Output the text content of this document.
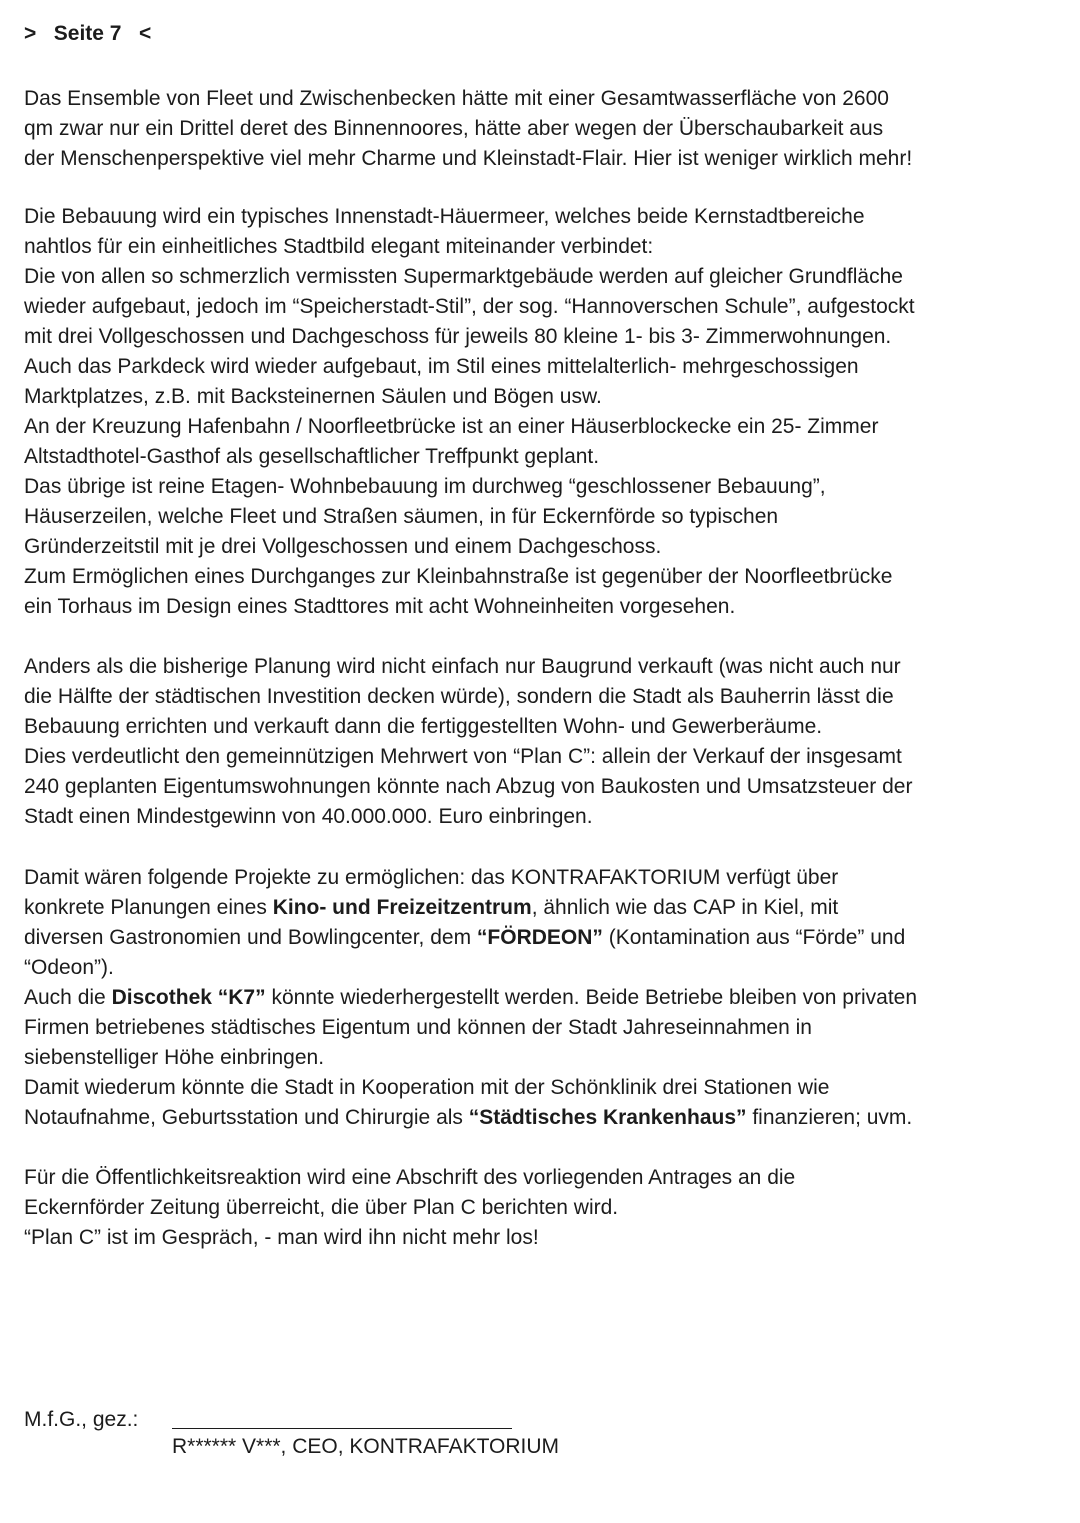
>   Seite 7   <
Das Ensemble von Fleet und Zwischenbecken hätte mit einer Gesamtwasserfläche von 2600
qm zwar nur ein Drittel deret des Binnennoores, hätte aber wegen der Überschaubarkeit aus
der Menschenperspektive viel mehr Charme und Kleinstadt-Flair. Hier ist weniger wirklich mehr!
Die Bebauung wird ein typisches Innenstadt-Häuermeer, welches beide Kernstadtbereiche
nahtlos für ein einheitliches Stadtbild elegant miteinander verbindet:
Die von allen so schmerzlich vermissten Supermarktgebäude werden auf gleicher Grundfläche
wieder aufgebaut, jedoch im “Speicherstadt-Stil”, der sog. “Hannoverschen Schule”, aufgestockt
mit drei Vollgeschossen und Dachgeschoss für jeweils 80 kleine 1- bis 3- Zimmerwohnungen.
Auch das Parkdeck wird wieder aufgebaut, im Stil eines mittelalterlich- mehrgeschossigen
Marktplatzes, z.B. mit Backsteinernen Säulen und Bögen usw.
An der Kreuzung Hafenbahn / Noorfleetbrücke ist an einer Häuserblockecke ein 25- Zimmer
Altstadthotel-Gasthof als gesellschaftlicher Treffpunkt geplant.
Das übrige ist reine Etagen- Wohnbebauung im durchweg “geschlossener Bebauung”,
Häuserzeilen, welche Fleet und Straßen säumen, in für Eckernförde so typischen
Gründerzeitstil mit je drei Vollgeschossen und einem Dachgeschoss.
Zum Ermöglichen eines Durchganges zur Kleinbahnstraße ist gegenüber der Noorfleetbrücke
ein Torhaus im Design eines Stadttores mit acht Wohneinheiten vorgesehen.
Anders als die bisherige Planung wird nicht einfach nur Baugrund verkauft (was nicht auch nur
die Hälfte der städtischen Investition decken würde), sondern die Stadt als Bauherrin lässt die
Bebauung errichten und verkauft dann die fertiggestellten Wohn- und Gewerberäume.
Dies verdeutlicht den gemeinnützigen Mehrwert von “Plan C”: allein der Verkauf der insgesamt
240 geplanten Eigentumswohnungen könnte nach Abzug von Baukosten und Umsatzsteuer der
Stadt einen Mindestgewinn von 40.000.000. Euro einbringen.
Damit wären folgende Projekte zu ermöglichen: das KONTRAFAKTORIUM verfügt über
konkrete Planungen eines Kino- und Freizeitzentrum, ähnlich wie das CAP in Kiel, mit
diversen Gastronomien und Bowlingcenter, dem “FÖRDEON” (Kontamination aus “Förde” und
“Odeon”).
Auch die Discothek “K7” könnte wiederhergestellt werden. Beide Betriebe bleiben von privaten
Firmen betriebenes städtisches Eigentum und können der Stadt Jahreseinnahmen in
siebenstelliger Höhe einbringen.
Damit wiederum könnte die Stadt in Kooperation mit der Schönklinik drei Stationen wie
Notaufnahme, Geburtsstation und Chirurgie als “Städtisches Krankenhaus” finanzieren; uvm.
Für die Öffentlichkeitsreaktion wird eine Abschrift des vorliegenden Antrages an die
Eckernförder Zeitung überreicht, die über Plan C berichten wird.
“Plan C” ist im Gespräch, - man wird ihn nicht mehr los!
M.f.G., gez.:
R****** V***, CEO, KONTRAFAKTORIUM
